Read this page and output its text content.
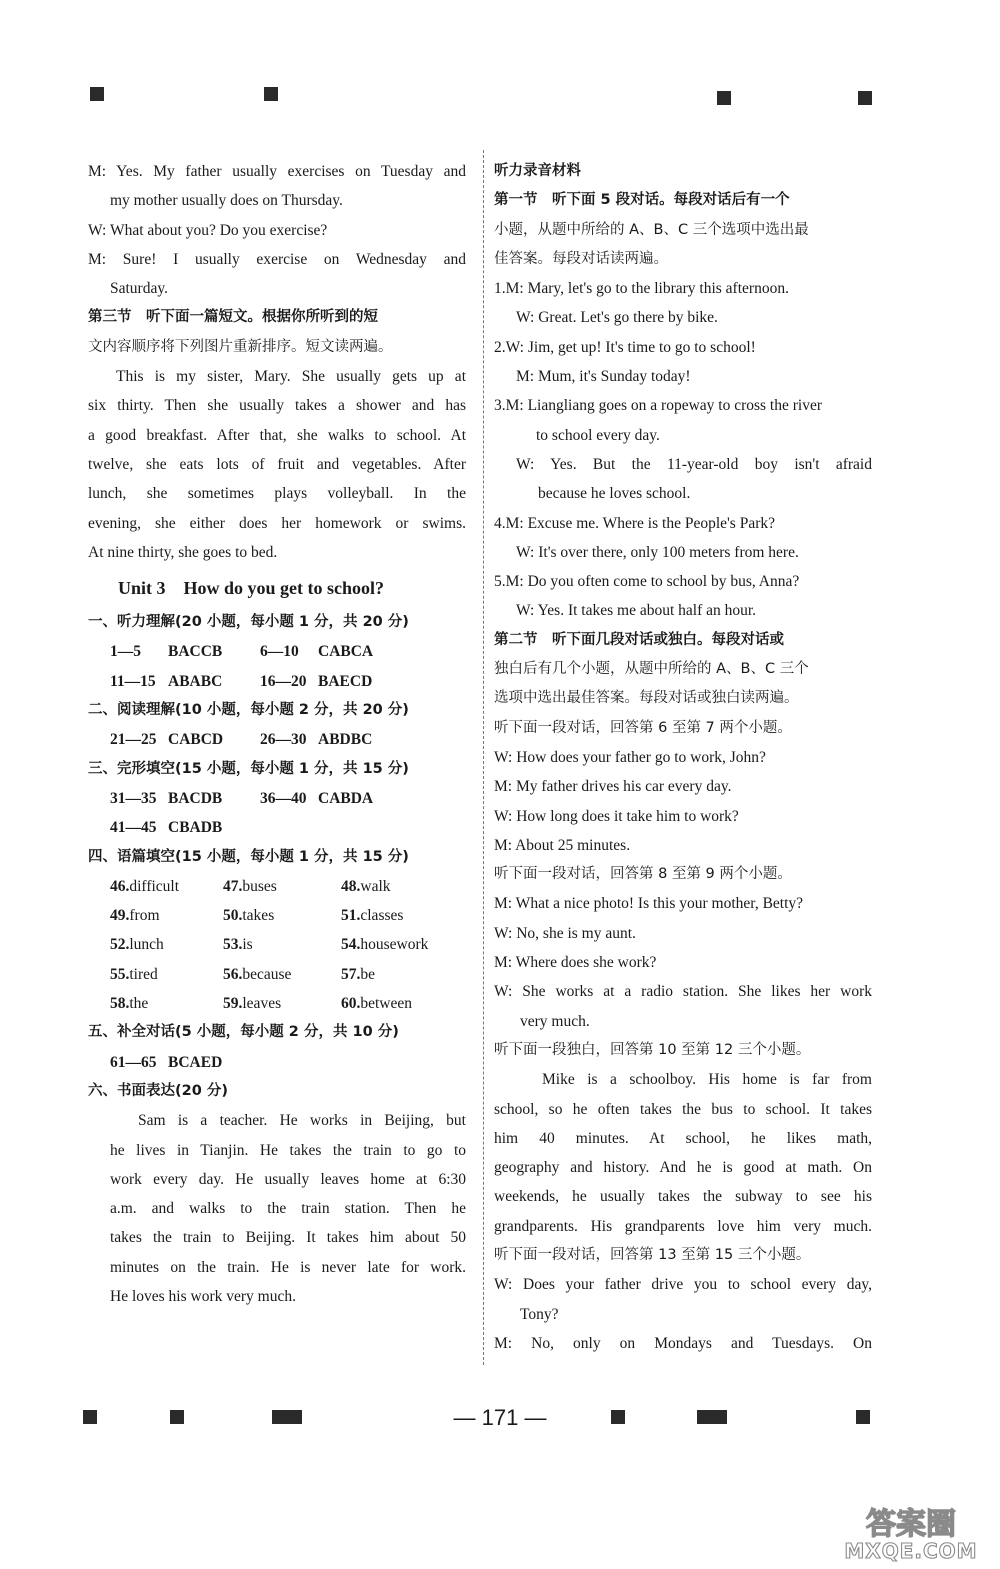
M: Yes. My father usually exercises on Tuesday and
my mother usually does on Thursday.
W: What about you? Do you exercise?
M: Sure! I usually exercise on Wednesday and
Saturday.
第三节　听下面一篇短文。根据你所听到的短
文内容顺序将下列图片重新排序。短文读两遍。
This is my sister, Mary. She usually gets up at
six thirty. Then she usually takes a shower and has
a good breakfast. After that, she walks to school. At
twelve, she eats lots of fruit and vegetables. After
lunch, she sometimes plays volleyball. In the
evening, she either does her homework or swims.
At nine thirty, she goes to bed.
Unit 3 How do you get to school?
一、听力理解(20 小题，每小题 1 分，共 20 分)
1—5 BACCB	6—10 CABCA
11—15 ABABC	16—20 BAECD
二、阅读理解(10 小题，每小题 2 分，共 20 分)
21—25 CABCD	26—30 ABDBC
三、完形填空(15 小题，每小题 1 分，共 15 分)
31—35 BACDB	36—40 CABDA
41—45 CBADB
四、语篇填空(15 小题，每小题 1 分，共 15 分)
46.difficult	47.buses	48.walk
49.from	50.takes	51.classes
52.lunch	53.is	54.housework
55.tired	56.because	57.be
58.the	59.leaves	60.between
五、补全对话(5 小题，每小题 2 分，共 10 分)
61—65 BCAED
六、书面表达(20 分)
Sam is a teacher. He works in Beijing, but
he lives in Tianjin. He takes the train to go to
work every day. He usually leaves home at 6:30
a.m. and walks to the train station. Then he
takes the train to Beijing. It takes him about 50
minutes on the train. He is never late for work.
He loves his work very much.
听力录音材料
第一节　听下面 5 段对话。每段对话后有一个
小题，从题中所给的 A、B、C 三个选项中选出最
佳答案。每段对话读两遍。
1.M: Mary, let's go to the library this afternoon.
W: Great. Let's go there by bike.
2.W: Jim, get up! It's time to go to school!
M: Mum, it's Sunday today!
3.M: Liangliang goes on a ropeway to cross the river
to school every day.
W: Yes. But the 11-year-old boy isn't afraid
because he loves school.
4.M: Excuse me. Where is the People's Park?
W: It's over there, only 100 meters from here.
5.M: Do you often come to school by bus, Anna?
W: Yes. It takes me about half an hour.
第二节　听下面几段对话或独白。每段对话或
独白后有几个小题，从题中所给的 A、B、C 三个
选项中选出最佳答案。每段对话或独白读两遍。
听下面一段对话，回答第 6 至第 7 两个小题。
W: How does your father go to work, John?
M: My father drives his car every day.
W: How long does it take him to work?
M: About 25 minutes.
听下面一段对话，回答第 8 至第 9 两个小题。
M: What a nice photo! Is this your mother, Betty?
W: No, she is my aunt.
M: Where does she work?
W: She works at a radio station. She likes her work
very much.
听下面一段独白，回答第 10 至第 12 三个小题。
Mike is a schoolboy. His home is far from
school, so he often takes the bus to school. It takes
him 40 minutes. At school, he likes math,
geography and history. And he is good at math. On
weekends, he usually takes the subway to see his
grandparents. His grandparents love him very much.
听下面一段对话，回答第 13 至第 15 三个小题。
W: Does your father drive you to school every day,
Tony?
M: No, only on Mondays and Tuesdays. On
— 171 —
答案圈
MXQE.COM
